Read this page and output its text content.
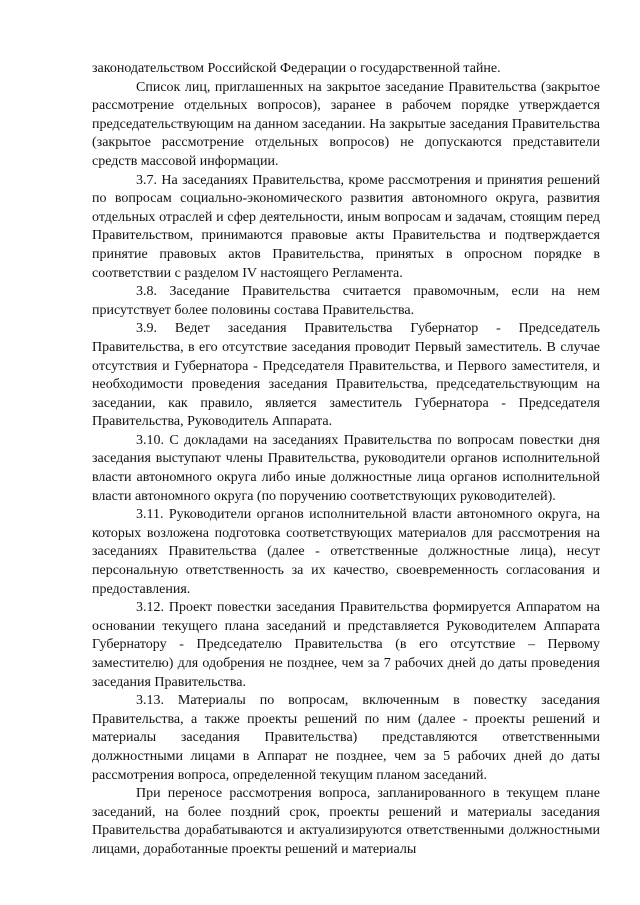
законодательством Российской Федерации о государственной тайне.

Список лиц, приглашенных на закрытое заседание Правительства (закрытое рассмотрение отдельных вопросов), заранее в рабочем порядке утверждается председательствующим на данном заседании. На закрытые заседания Правительства (закрытое рассмотрение отдельных вопросов) не допускаются представители средств массовой информации.

3.7. На заседаниях Правительства, кроме рассмотрения и принятия решений по вопросам социально-экономического развития автономного округа, развития отдельных отраслей и сфер деятельности, иным вопросам и задачам, стоящим перед Правительством, принимаются правовые акты Правительства и подтверждается принятие правовых актов Правительства, принятых в опросном порядке в соответствии с разделом IV настоящего Регламента.

3.8. Заседание Правительства считается правомочным, если на нем присутствует более половины состава Правительства.

3.9. Ведет заседания Правительства Губернатор - Председатель Правительства, в его отсутствие заседания проводит Первый заместитель. В случае отсутствия и Губернатора - Председателя Правительства, и Первого заместителя, и необходимости проведения заседания Правительства, председательствующим на заседании, как правило, является заместитель Губернатора - Председателя Правительства, Руководитель Аппарата.

3.10. С докладами на заседаниях Правительства по вопросам повестки дня заседания выступают члены Правительства, руководители органов исполнительной власти автономного округа либо иные должностные лица органов исполнительной власти автономного округа (по поручению соответствующих руководителей).

3.11. Руководители органов исполнительной власти автономного округа, на которых возложена подготовка соответствующих материалов для рассмотрения на заседаниях Правительства (далее - ответственные должностные лица), несут персональную ответственность за их качество, своевременность согласования и предоставления.

3.12. Проект повестки заседания Правительства формируется Аппаратом на основании текущего плана заседаний и представляется Руководителем Аппарата Губернатору - Председателю Правительства (в его отсутствие – Первому заместителю) для одобрения не позднее, чем за 7 рабочих дней до даты проведения заседания Правительства.

3.13. Материалы по вопросам, включенным в повестку заседания Правительства, а также проекты решений по ним (далее - проекты решений и материалы заседания Правительства) представляются ответственными должностными лицами в Аппарат не позднее, чем за 5 рабочих дней до даты рассмотрения вопроса, определенной текущим планом заседаний.

При переносе рассмотрения вопроса, запланированного в текущем плане заседаний, на более поздний срок, проекты решений и материалы заседания Правительства дорабатываются и актуализируются ответственными должностными лицами, доработанные проекты решений и материалы
